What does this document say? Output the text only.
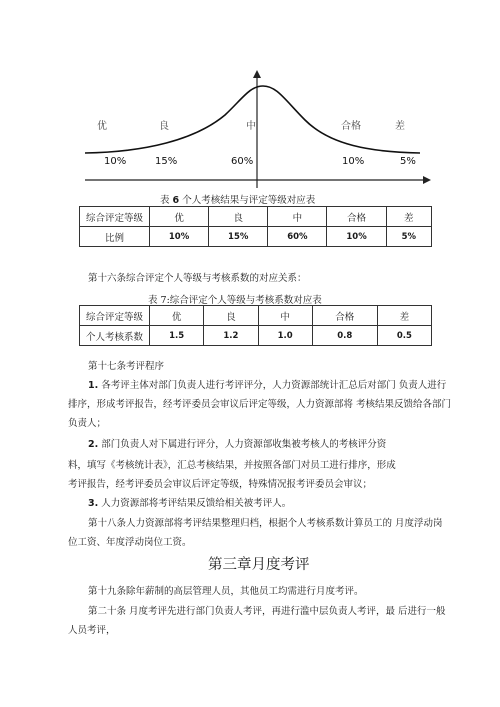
优	良	中	合格	差
10%	15%	60%	10%	5%
表 6 个人考核结果与评定等级对应表
综合评定等级	优	良	中	合格	差
比例	10%	15%	60%	10%	5%
第十六条综合评定个人等级与考核系数的对应关系：
表 7:综合评定个人等级与考核系数对应表
综合评定等级	优	良	中	合格	差
个人考核系数	1.5	1.2	1.0	0.8	0.5
第十七条考评程序
1. 各考评主体对部门负责人进行考评评分，人力资源部统计汇总后对部门 负责人进行
排序，形成考评报告，经考评委员会审议后评定等级，人力资源部将 考核结果反馈给各部门
负责人；
2. 部门负责人对下属进行评分，人力资源部收集被考核人的考核评分资
料，填写《考核统计表》，汇总考核结果，并按照各部门对员工进行排序，形成
考评报告，经考评委员会审议后评定等级，特殊情况报考评委员会审议；
3. 人力资源部将考评结果反馈给相关被考评人。
第十八条人力资源部将考评结果整理归档，根据个人考核系数计算员工的 月度浮动岗
位工资、年度浮动岗位工资。
第三章月度考评
第十九条除年薪制的高层管理人员，其他员工均需进行月度考评。
第二十条 月度考评先进行部门负责人考评，再进行滥中层负责人考评，最 后进行一般
人员考评，
